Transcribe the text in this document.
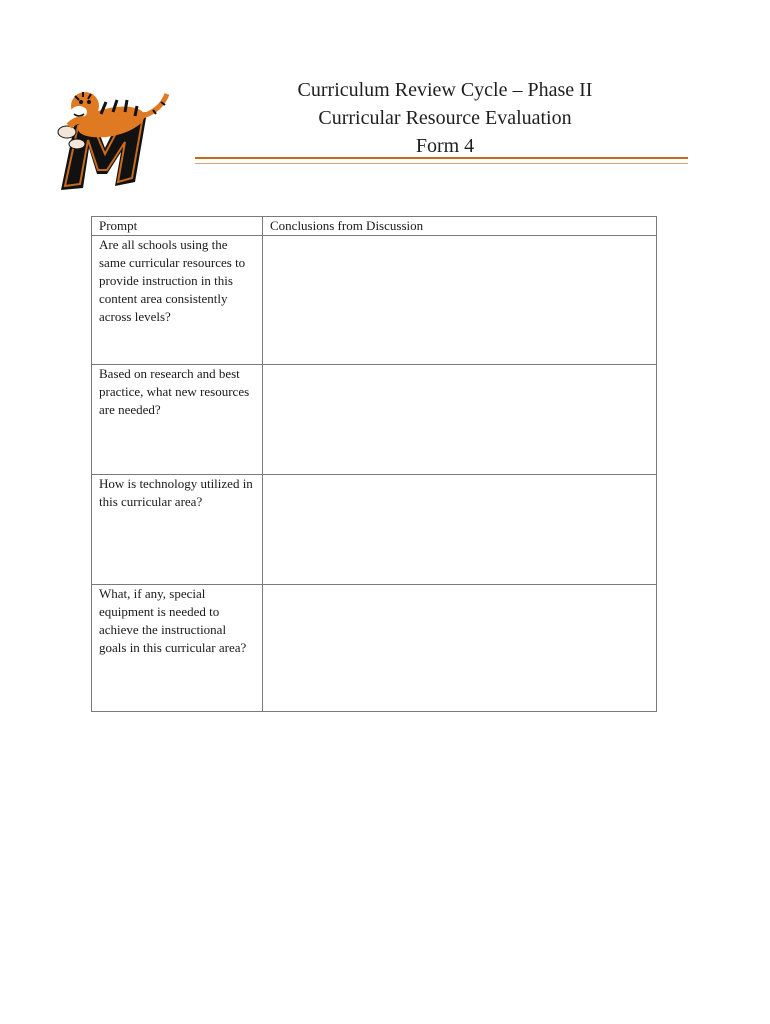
Curriculum Review Cycle – Phase II
Curricular Resource Evaluation
Form 4
Prompt	Conclusions from Discussion
Are all schools using the same curricular resources to provide instruction in this content area consistently across levels?	
Based on research and best practice, what new resources are needed?	
How is technology utilized in this curricular area?	
What, if any, special equipment is needed to achieve the instructional goals in this curricular area?	
